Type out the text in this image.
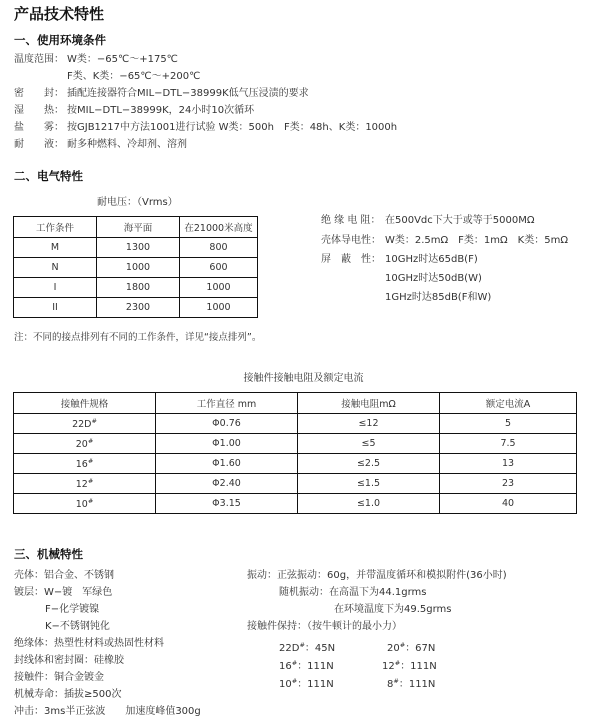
产品技术特性
一、使用环境条件
温度范围： W类：−65℃～+175℃
F类、K类：−65℃～+200℃
密　　封： 插配连接器符合MIL−DTL−38999K低气压浸渍的要求
湿　　热： 按MIL−DTL−38999K，24小时10次循环
盐　　雾： 按GJB1217中方法1001进行试验 W类：500h　F类：48h、K类：1000h
耐　　液： 耐多种燃料、冷却剂、溶剂
二、电气特性
耐电压：（Vrms）
工作条件	海平面	在21000米高度
M	1300	800
N	1000	600
I	1800	1000
II	2300	1000
绝 缘 电 阻： 在500Vdc下大于或等于5000MΩ
壳体导电性： W类：2.5mΩ　F类：1mΩ　K类：5mΩ
屏　蔽　性： 10GHz时达65dB(F)
10GHz时达50dB(W)
1GHz时达85dB(F和W)
注：不同的接点排列有不同的工作条件，详见“接点排列”。
接触件接触电阻及额定电流
接触件规格	工作直径 mm	接触电阻mΩ	额定电流A
22D#	Φ0.76	≤12	5
20#	Φ1.00	≤5	7.5
16#	Φ1.60	≤2.5	13
12#	Φ2.40	≤1.5	23
10#	Φ3.15	≤1.0	40
三、机械特性
壳体：铝合金、不锈钢
镀层：W−镀　军绿色
F−化学镀镍
K−不锈钢钝化
绝缘体：热塑性材料或热固性材料
封线体和密封圈：硅橡胶
接触件：铜合金镀金
机械寿命：插拔≥500次
冲击：3ms半正弦波　　加速度峰值300g
振动：正弦振动：60g，并带温度循环和模拟附件(36小时)
随机振动：在高温下为44.1grms
在环境温度下为49.5grms
接触件保持：（按牛顿计的最小力）
22D#：45N	20#：67N
16#：111N	12#：111N
10#：111N	8#：111N
